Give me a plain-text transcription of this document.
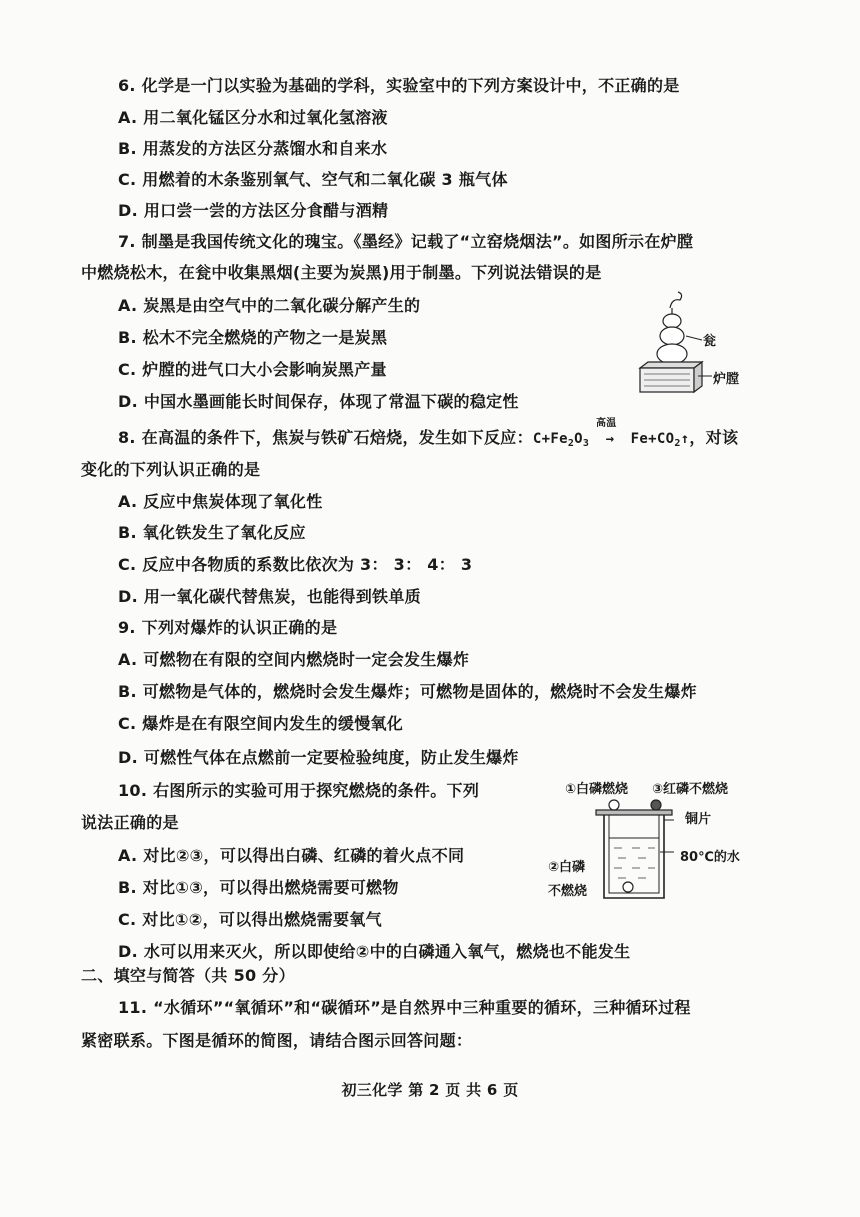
6. 化学是一门以实验为基础的学科，实验室中的下列方案设计中，不正确的是
A. 用二氧化锰区分水和过氧化氢溶液
B. 用蒸发的方法区分蒸馏水和自来水
C. 用燃着的木条鉴别氧气、空气和二氧化碳 3 瓶气体
D. 用口尝一尝的方法区分食醋与酒精
7. 制墨是我国传统文化的瑰宝。《墨经》记载了“立窑烧烟法”。如图所示在炉膛
中燃烧松木，在瓮中收集黑烟(主要为炭黑)用于制墨。下列说法错误的是
A. 炭黑是由空气中的二氧化碳分解产生的
B. 松木不完全燃烧的产物之一是炭黑
C. 炉膛的进气口大小会影响炭黑产量
D. 中国水墨画能长时间保存，体现了常温下碳的稳定性
瓮
炉膛
8. 在高温的条件下，焦炭与铁矿石焙烧，发生如下反应：$C+Fe_2O_3$
高温
→ $Fe+CO_2↑$，对该
变化的下列认识正确的是
A. 反应中焦炭体现了氧化性
B. 氧化铁发生了氧化反应
C. 反应中各物质的系数比依次为 3： 3： 4： 3
D. 用一氧化碳代替焦炭，也能得到铁单质
9. 下列对爆炸的认识正确的是
A. 可燃物在有限的空间内燃烧时一定会发生爆炸
B. 可燃物是气体的，燃烧时会发生爆炸；可燃物是固体的，燃烧时不会发生爆炸
C. 爆炸是在有限空间内发生的缓慢氧化
D. 可燃性气体在点燃前一定要检验纯度，防止发生爆炸
10. 右图所示的实验可用于探究燃烧的条件。下列
说法正确的是
A. 对比②③，可以得出白磷、红磷的着火点不同
B. 对比①③，可以得出燃烧需要可燃物
C. 对比①②，可以得出燃烧需要氧气
D. 水可以用来灭火，所以即使给②中的白磷通入氧气，燃烧也不能发生
①白磷燃烧 ③红磷不燃烧
铜片
②白磷
不燃烧
80℃的水
二、填空与简答（共 50 分）
11. “水循环”“氧循环”和“碳循环”是自然界中三种重要的循环，三种循环过程
紧密联系。下图是循环的简图，请结合图示回答问题：
初三化学 第 2 页 共 6 页
